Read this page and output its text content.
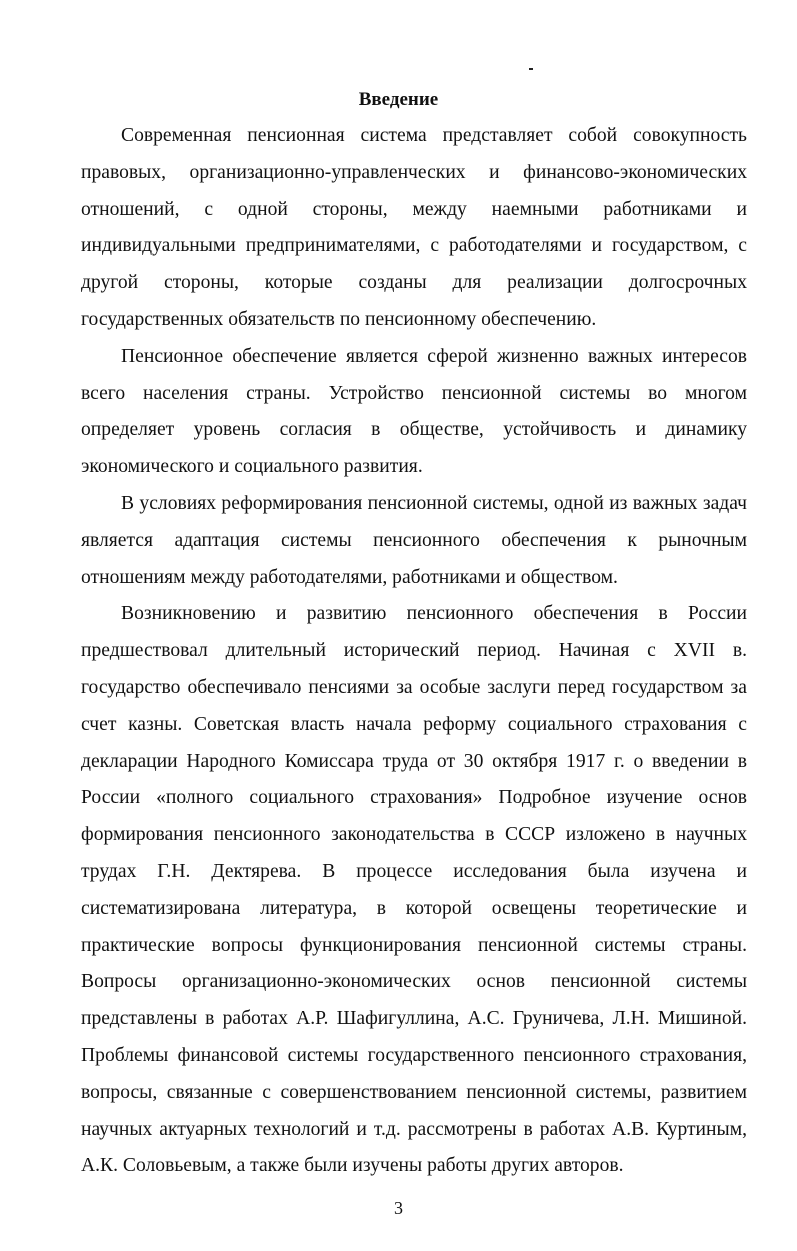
Введение

Современная пенсионная система представляет собой совокупность правовых, организационно-управленческих и финансово-экономических отношений, с одной стороны, между наемными работниками и индивидуальными предпринимателями, с работодателями и государством, с другой стороны, которые созданы для реализации долгосрочных государственных обязательств по пенсионному обеспечению.

Пенсионное обеспечение является сферой жизненно важных интересов всего населения страны. Устройство пенсионной системы во многом определяет уровень согласия в обществе, устойчивость и динамику экономического и социального развития.

В условиях реформирования пенсионной системы, одной из важных задач является адаптация системы пенсионного обеспечения к рыночным отношениям между работодателями, работниками и обществом.

Возникновению и развитию пенсионного обеспечения в России предшествовал длительный исторический период. Начиная с XVII в. государство обеспечивало пенсиями за особые заслуги перед государством за счет казны. Советская власть начала реформу социального страхования с декларации Народного Комиссара труда от 30 октября 1917 г. о введении в России «полного социального страхования» Подробное изучение основ формирования пенсионного законодательства в СССР изложено в научных трудах Г.Н. Дектярева. В процессе исследования была изучена и систематизирована литература, в которой освещены теоретические и практические вопросы функционирования пенсионной системы страны. Вопросы организационно-экономических основ пенсионной системы представлены в работах А.Р. Шафигуллина, А.С. Груничева, Л.Н. Мишиной. Проблемы финансовой системы государственного пенсионного страхования, вопросы, связанные с совершенствованием пенсионной системы, развитием научных актуарных технологий и т.д. рассмотрены в работах А.В. Куртиным, А.К. Соловьевым, а также были изучены работы других авторов.

3
